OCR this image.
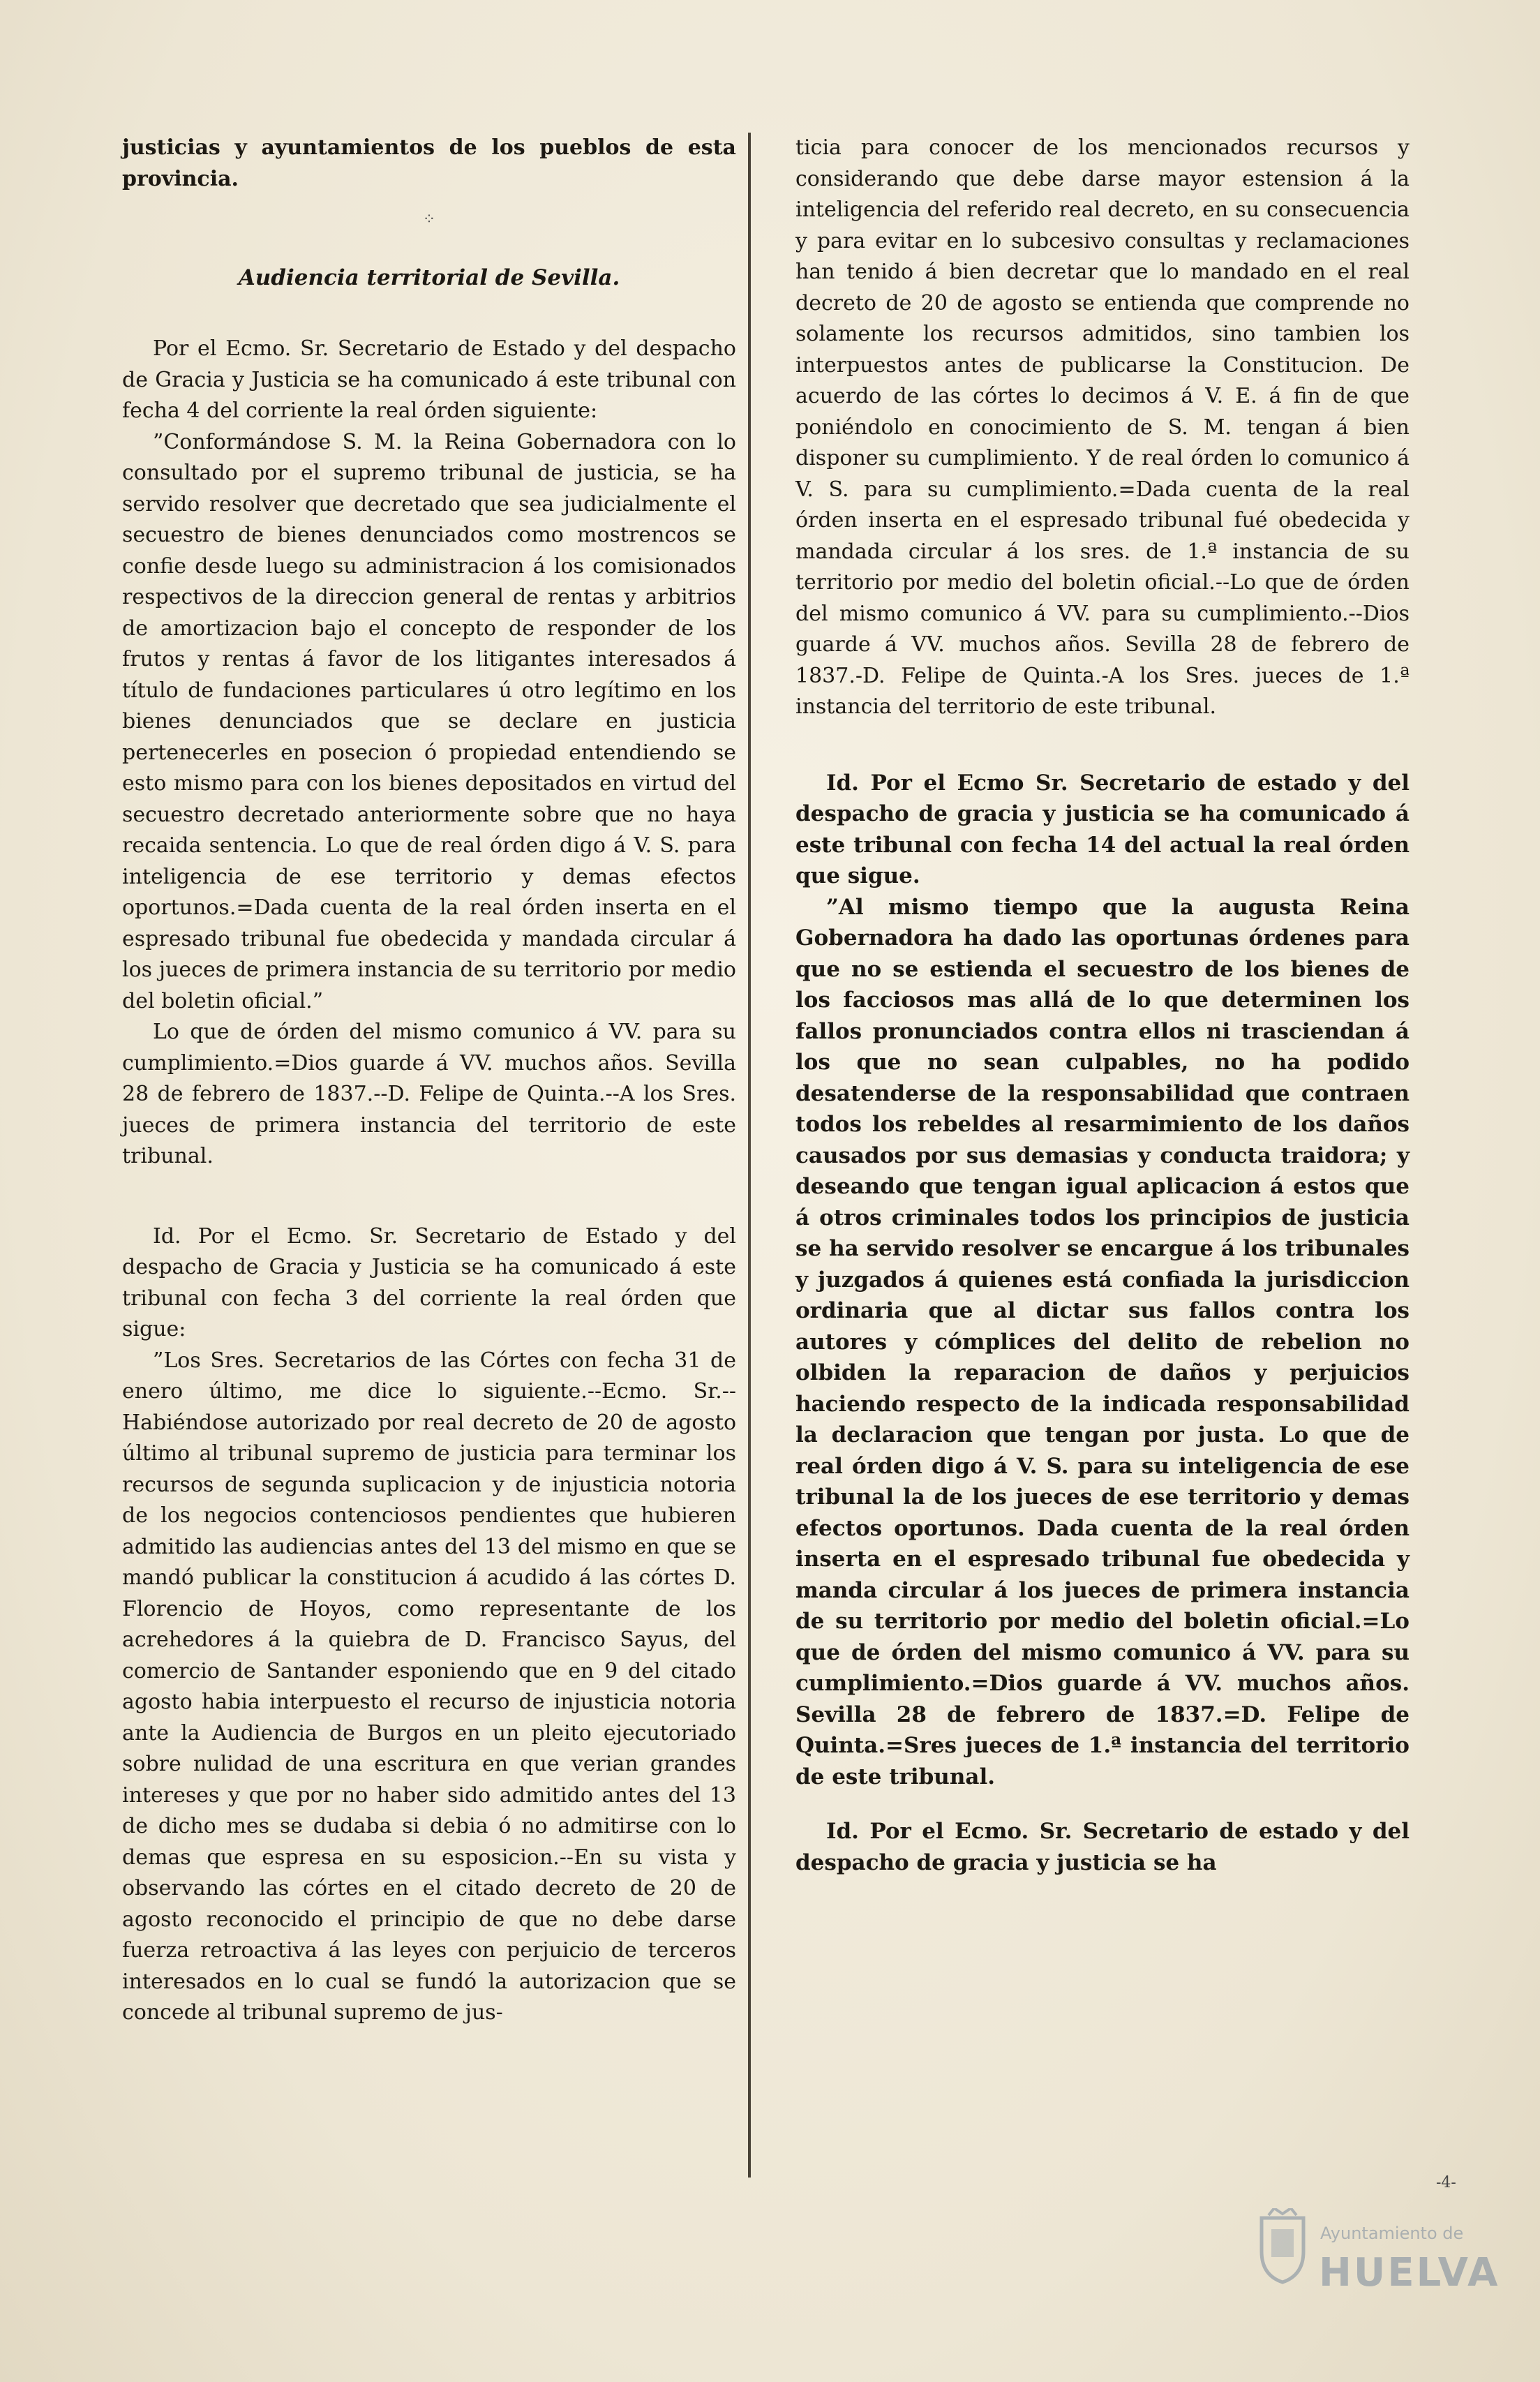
justicias y ayuntamientos de los pueblos de esta provincia.

⁘

Audiencia territorial de Sevilla.

Por el Ecmo. Sr. Secretario de Estado y del despacho de Gracia y Justicia se ha comunicado á este tribunal con fecha 4 del corriente la real órden siguiente:

”Conformándose S. M. la Reina Gobernadora con lo consultado por el supremo tribunal de justicia, se ha servido resolver que decretado que sea judicialmente el secuestro de bienes denunciados como mostrencos se confie desde luego su administracion á los comisionados respectivos de la direccion general de rentas y arbitrios de amortizacion bajo el concepto de responder de los frutos y rentas á favor de los litigantes interesados á título de fundaciones particulares ú otro legítimo en los bienes denunciados que se declare en justicia pertenecerles en posecion ó propiedad entendiendo se esto mismo para con los bienes depositados en virtud del secuestro decretado anteriormente sobre que no haya recaida sentencia. Lo que de real órden digo á V. S. para inteligencia de ese territorio y demas efectos oportunos.=Dada cuenta de la real órden inserta en el espresado tribunal fue obedecida y mandada circular á los jueces de primera instancia de su territorio por medio del boletin oficial.”

Lo que de órden del mismo comunico á VV. para su cumplimiento.=Dios guarde á VV. muchos años. Sevilla 28 de febrero de 1837.--D. Felipe de Quinta.--A los Sres. jueces de primera instancia del territorio de este tribunal.

Id. Por el Ecmo. Sr. Secretario de Estado y del despacho de Gracia y Justicia se ha comunicado á este tribunal con fecha 3 del corriente la real órden que sigue:

”Los Sres. Secretarios de las Córtes con fecha 31 de enero último, me dice lo siguiente.--Ecmo. Sr.--Habiéndose autorizado por real decreto de 20 de agosto último al tribunal supremo de justicia para terminar los recursos de segunda suplicacion y de injusticia notoria de los negocios contenciosos pendientes que hubieren admitido las audiencias antes del 13 del mismo en que se mandó publicar la constitucion á acudido á las córtes D. Florencio de Hoyos, como representante de los acrehedores á la quiebra de D. Francisco Sayus, del comercio de Santander esponiendo que en 9 del citado agosto habia interpuesto el recurso de injusticia notoria ante la Audiencia de Burgos en un pleito ejecutoriado sobre nulidad de una escritura en que verian grandes intereses y que por no haber sido admitido antes del 13 de dicho mes se dudaba si debia ó no admitirse con lo demas que espresa en su esposicion.--En su vista y observando las córtes en el citado decreto de 20 de agosto reconocido el principio de que no debe darse fuerza retroactiva á las leyes con perjuicio de terceros interesados en lo cual se fundó la autorizacion que se concede al tribunal supremo de jus-

ticia para conocer de los mencionados recursos y considerando que debe darse mayor estension á la inteligencia del referido real decreto, en su consecuencia y para evitar en lo subcesivo consultas y reclamaciones han tenido á bien decretar que lo mandado en el real decreto de 20 de agosto se entienda que comprende no solamente los recursos admitidos, sino tambien los interpuestos antes de publicarse la Constitucion. De acuerdo de las córtes lo decimos á V. E. á fin de que poniéndolo en conocimiento de S. M. tengan á bien disponer su cumplimiento. Y de real órden lo comunico á V. S. para su cumplimiento.=Dada cuenta de la real órden inserta en el espresado tribunal fué obedecida y mandada circular á los sres. de 1.ª instancia de su territorio por medio del boletin oficial.--Lo que de órden del mismo comunico á VV. para su cumplimiento.--Dios guarde á VV. muchos años. Sevilla 28 de febrero de 1837.-D. Felipe de Quinta.-A los Sres. jueces de 1.ª instancia del territorio de este tribunal.

Id. Por el Ecmo Sr. Secretario de estado y del despacho de gracia y justicia se ha comunicado á este tribunal con fecha 14 del actual la real órden que sigue.

”Al mismo tiempo que la augusta Reina Gobernadora ha dado las oportunas órdenes para que no se estienda el secuestro de los bienes de los facciosos mas allá de lo que determinen los fallos pronunciados contra ellos ni trasciendan á los que no sean culpables, no ha podido desatenderse de la responsabilidad que contraen todos los rebeldes al resarmimiento de los daños causados por sus demasias y conducta traidora; y deseando que tengan igual aplicacion á estos que á otros criminales todos los principios de justicia se ha servido resolver se encargue á los tribunales y juzgados á quienes está confiada la jurisdiccion ordinaria que al dictar sus fallos contra los autores y cómplices del delito de rebelion no olbiden la reparacion de daños y perjuicios haciendo respecto de la indicada responsabilidad la declaracion que tengan por justa. Lo que de real órden digo á V. S. para su inteligencia de ese tribunal la de los jueces de ese territorio y demas efectos oportunos. Dada cuenta de la real órden inserta en el espresado tribunal fue obedecida y manda circular á los jueces de primera instancia de su territorio por medio del boletin oficial.=Lo que de órden del mismo comunico á VV. para su cumplimiento.=Dios guarde á VV. muchos años. Sevilla 28 de febrero de 1837.=D. Felipe de Quinta.=Sres jueces de 1.ª instancia del territorio de este tribunal.

Id. Por el Ecmo. Sr. Secretario de estado y del despacho de gracia y justicia se ha

-4-
Ayuntamiento de
HUELVA
